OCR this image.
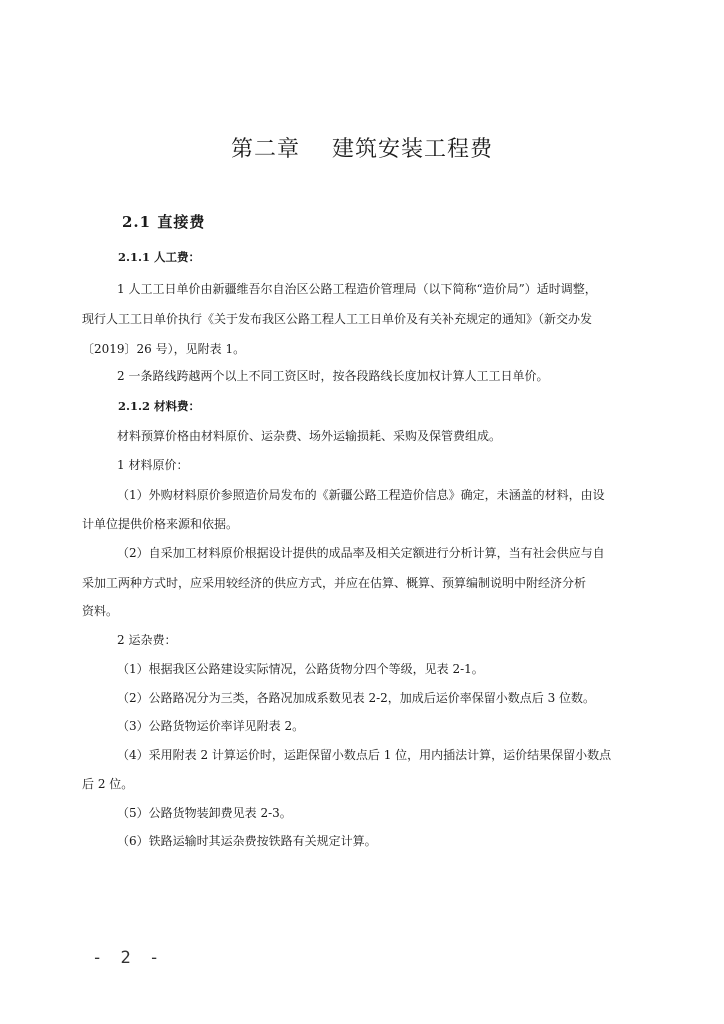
第二章    建筑安装工程费
2.1 直接费
2.1.1 人工费：
1 人工工日单价由新疆维吾尔自治区公路工程造价管理局（以下简称“造价局”）适时调整，
现行人工工日单价执行《关于发布我区公路工程人工工日单价及有关补充规定的通知》（新交办发
〔2019〕26 号），见附表 1。
2 一条路线跨越两个以上不同工资区时，按各段路线长度加权计算人工工日单价。
2.1.2 材料费：
材料预算价格由材料原价、运杂费、场外运输损耗、采购及保管费组成。
1 材料原价：
（1）外购材料原价参照造价局发布的《新疆公路工程造价信息》确定，未涵盖的材料，由设
计单位提供价格来源和依据。
（2）自采加工材料原价根据设计提供的成品率及相关定额进行分析计算，当有社会供应与自
采加工两种方式时，应采用较经济的供应方式，并应在估算、概算、预算编制说明中附经济分析
资料。
2 运杂费：
（1）根据我区公路建设实际情况，公路货物分四个等级，见表 2-1。
（2）公路路况分为三类，各路况加成系数见表 2-2，加成后运价率保留小数点后 3 位数。
（3）公路货物运价率详见附表 2。
（4）采用附表 2 计算运价时，运距保留小数点后 1 位，用内插法计算，运价结果保留小数点
后 2 位。
（5）公路货物装卸费见表 2-3。
（6）铁路运输时其运杂费按铁路有关规定计算。
- 2 -
